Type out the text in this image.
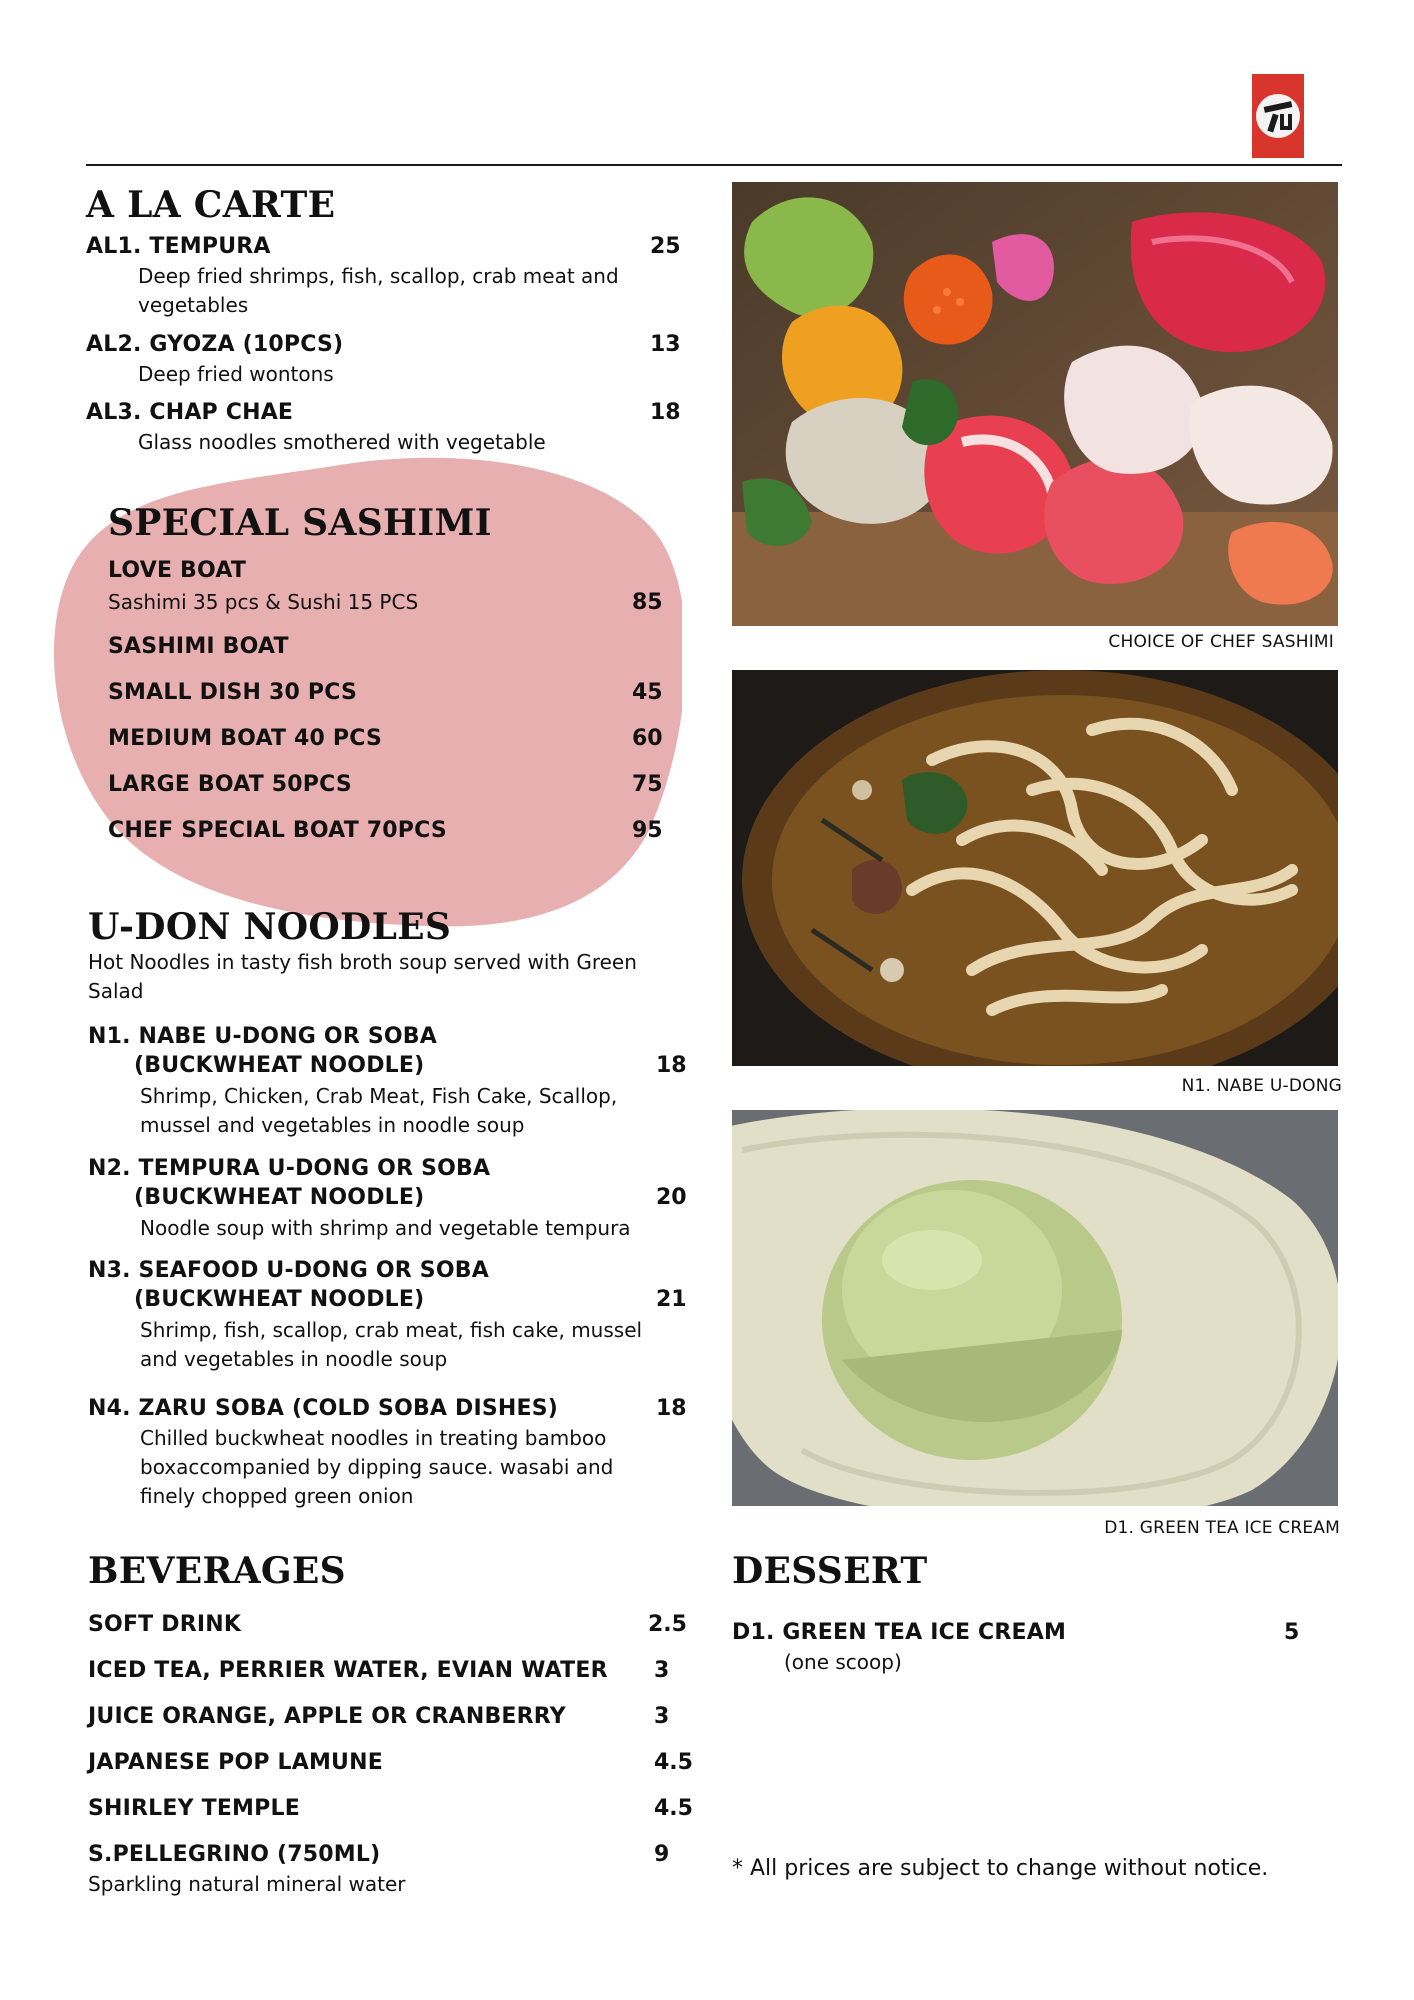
A LA CARTE
AL1. TEMPURA	25
Deep fried shrimps, fish, scallop, crab meat and vegetables
AL2. GYOZA (10PCS)	13
Deep fried wontons
AL3. CHAP CHAE	18
Glass noodles smothered with vegetable
SPECIAL SASHIMI
LOVE BOAT
Sashimi 35 pcs & Sushi 15 PCS	85
SASHIMI BOAT
SMALL DISH 30 PCS	45
MEDIUM BOAT 40 PCS	60
LARGE BOAT 50PCS	75
CHEF SPECIAL BOAT 70PCS	95
U-DON NOODLES
Hot Noodles in tasty fish broth soup served with Green Salad
N1. NABE U-DONG OR SOBA
(BUCKWHEAT NOODLE)	18
Shrimp, Chicken, Crab Meat, Fish Cake, Scallop, mussel and vegetables in noodle soup
N2. TEMPURA U-DONG OR SOBA
(BUCKWHEAT NOODLE)	20
Noodle soup with shrimp and vegetable tempura
N3. SEAFOOD U-DONG OR SOBA
(BUCKWHEAT NOODLE)	21
Shrimp, fish, scallop, crab meat, fish cake, mussel and vegetables in noodle soup
N4. ZARU SOBA (COLD SOBA DISHES)	18
Chilled buckwheat noodles in treating bamboo boxaccompanied by dipping sauce. wasabi and finely chopped green onion
BEVERAGES
SOFT DRINK	2.5
ICED TEA, PERRIER WATER, EVIAN WATER 3
JUICE ORANGE, APPLE OR CRANBERRY	3
JAPANESE POP LAMUNE	4.5
SHIRLEY TEMPLE	4.5
S.PELLEGRINO (750ML)	9
Sparkling natural mineral water
CHOICE OF CHEF SASHIMI
N1. NABE U-DONG
D1. GREEN TEA ICE CREAM
DESSERT
D1. GREEN TEA ICE CREAM	5
(one scoop)
* All prices are subject to change without notice.
